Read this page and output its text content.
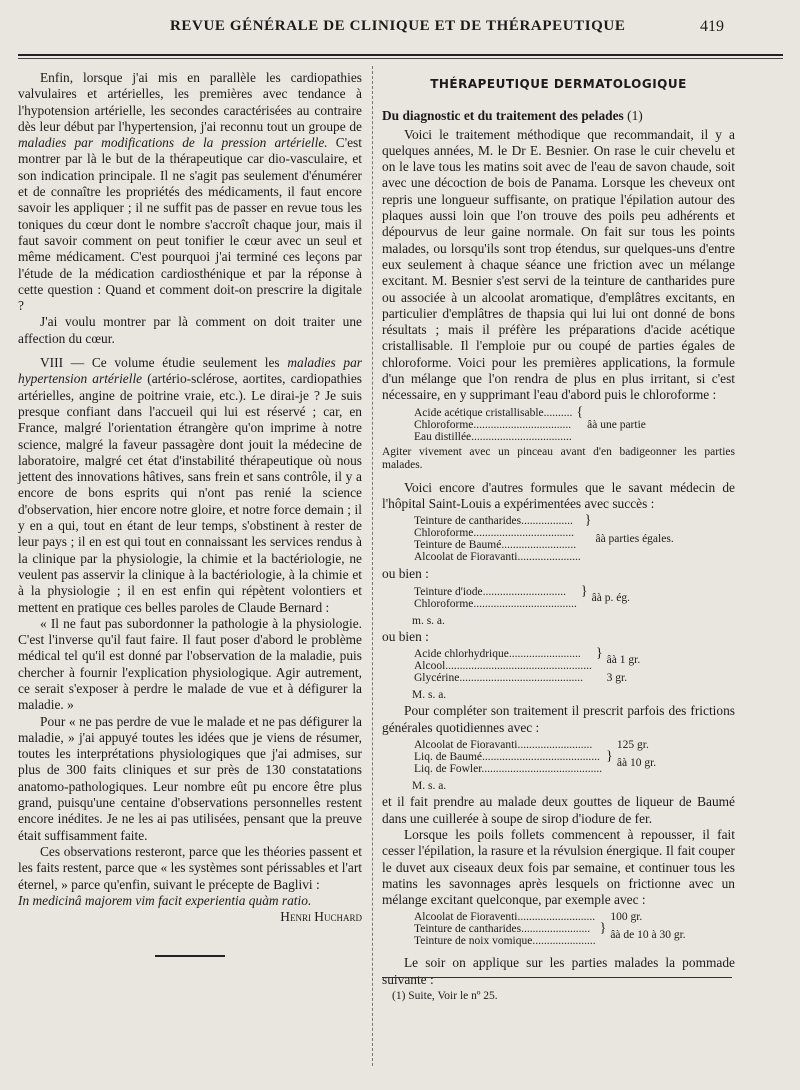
REVUE GÉNÉRALE DE CLINIQUE ET DE THÉRAPEUTIQUE	419

Enfin, lorsque j'ai mis en parallèle les cardiopathies valvulaires et artérielles, les premières avec tendance à l'hypotension artérielle, les secondes caractérisées au contraire dès leur début par l'hypertension, j'ai reconnu tout un groupe de maladies par modifications de la pression artérielle. C'est montrer par là le but de la thérapeutique car dio-vasculaire, et son indication principale. Il ne s'agit pas seulement d'énumérer et de connaître les propriétés des médicaments, il faut encore savoir les appliquer ; il ne suffit pas de passer en revue tous les toniques du cœur dont le nombre s'accroît chaque jour, mais il faut savoir comment on peut tonifier le cœur avec un seul et même médicament. C'est pourquoi j'ai terminé ces leçons par l'étude de la médication cardiosthénique et par la réponse à cette question : Quand et comment doit-on prescrire la digitale ?

J'ai voulu montrer par là comment on doit traiter une affection du cœur.

VIII — Ce volume étudie seulement les maladies par hypertension artérielle (artério-sclérose, aortites, cardiopathies artérielles, angine de poitrine vraie, etc.). Le dirai-je ? Je suis presque confiant dans l'accueil qui lui est réservé ; car, en France, malgré l'orientation étrangère qu'on imprime à notre science, malgré la faveur passagère dont jouit la médecine de laboratoire, malgré cet état d'instabilité thérapeutique où nous jettent des innovations hâtives, sans frein et sans contrôle, il y a encore de bons esprits qui n'ont pas renié la science d'observation, hier encore notre gloire, et notre force demain ; il y en a qui, tout en étant de leur temps, s'obstinent à rester de leur pays ; il en est qui tout en connaissant les services rendus à la clinique par la physiologie, la chimie et la bactériologie, ne veulent pas asservir la clinique à la bactériologie, à la chimie et à la physiologie ; il en est enfin qui répètent volontiers et mettent en pratique ces belles paroles de Claude Bernard :

« Il ne faut pas subordonner la pathologie à la physiologie. C'est l'inverse qu'il faut faire. Il faut poser d'abord le problème médical tel qu'il est donné par l'observation de la maladie, puis chercher à fournir l'explication physiologique. Agir autrement, ce serait s'exposer à perdre le malade de vue et à défigurer la maladie. »

Pour « ne pas perdre de vue le malade et ne pas défigurer la maladie, » j'ai appuyé toutes les idées que je viens de résumer, toutes les interprétations physiologiques que j'ai admises, sur plus de 300 faits cliniques et sur près de 130 constatations anatomo-pathologiques. Leur nombre eût pu encore être plus grand, puisqu'une centaine d'observations personnelles restent encore inédites. Je ne les ai pas utilisées, pensant que la preuve était suffisamment faite.

Ces observations resteront, parce que les théories passent et les faits restent, parce que « les systèmes sont périssables et l'art éternel, » parce qu'enfin, suivant le précepte de Baglivi :

In medicinâ majorem vim facit experientia quàm ratio.

Henri Huchard

THÉRAPEUTIQUE DERMATOLOGIQUE
Du diagnostic et du traitement des pelades (1)

Voici le traitement méthodique que recommandait, il y a quelques années, M. le Dr E. Besnier. On rase le cuir chevelu et on le lave tous les matins soit avec de l'eau de savon chaude, soit avec une décoction de bois de Panama. Lorsque les cheveux ont repris une longueur suffisante, on pratique l'épilation autour des plaques aussi loin que l'on trouve des poils peu adhérents et dépourvus de leur gaine normale. On fait sur tous les points malades, ou lorsqu'ils sont trop étendus, sur quelques-uns d'entre eux seulement à chaque séance une friction avec un mélange excitant. M. Besnier s'est servi de la teinture de cantharides pure ou associée à un alcoolat aromatique, d'emplâtres excitants, en particulier d'emplâtres de thapsia qui lui lui ont donné de bons résultats ; mais il préfère les préparations d'acide acétique cristallisable. Il l'emploie pur ou coupé de parties égales de chloroforme. Voici pour les premières applications, la formule d'un mélange que l'on rendra de plus en plus irritant, si c'est nécessaire, en y supprimant l'eau d'abord puis le chloroforme :

Acide acétique cristallisable..........	{	âà une partie
Chloroforme..................................
Eau distillée...................................

Agiter vivement avec un pinceau avant d'en badigeonner les parties malades.

Voici encore d'autres formules que le savant médecin de l'hôpital Saint-Louis a expérimentées avec succès :

Teinture de cantharides..................	}	âà parties égales.
Chloroforme...................................
Teinture de Baumé..........................
Alcoolat de Fioravanti......................

ou bien :

Teinture d'iode.............................	}	âà p. ég.
Chloroforme....................................
m. s. a.

ou bien :

Acide chlorhydrique.........................	}	âà 1 gr.
Alcool...................................................		
Glycérine...........................................		3 gr.
M. s. a.

Pour compléter son traitement il prescrit parfois des frictions générales quotidiennes avec :

Alcoolat de Fioravanti..........................		125 gr.
Liq. de Baumé.........................................	}	âà 10 gr.
Liq. de Fowler..........................................		
M. s. a.

et il fait prendre au malade deux gouttes de liqueur de Baumé dans une cuillerée à soupe de sirop d'iodure de fer.

Lorsque les poils follets commencent à repousser, il fait cesser l'épilation, la rasure et la révulsion énergique. Il fait couper le duvet aux ciseaux deux fois par semaine, et continuer tous les matins les savonnages après lesquels on frictionne avec un mélange excitant quelconque, par exemple avec :

Alcoolat de Fioraventi...........................		100 gr.
Teinture de cantharides........................	}	âà de 10 à 30 gr.
Teinture de noix vomique......................		

Le soir on applique sur les parties malades la pommade suivante :

(1) Suite, Voir le nº 25.
